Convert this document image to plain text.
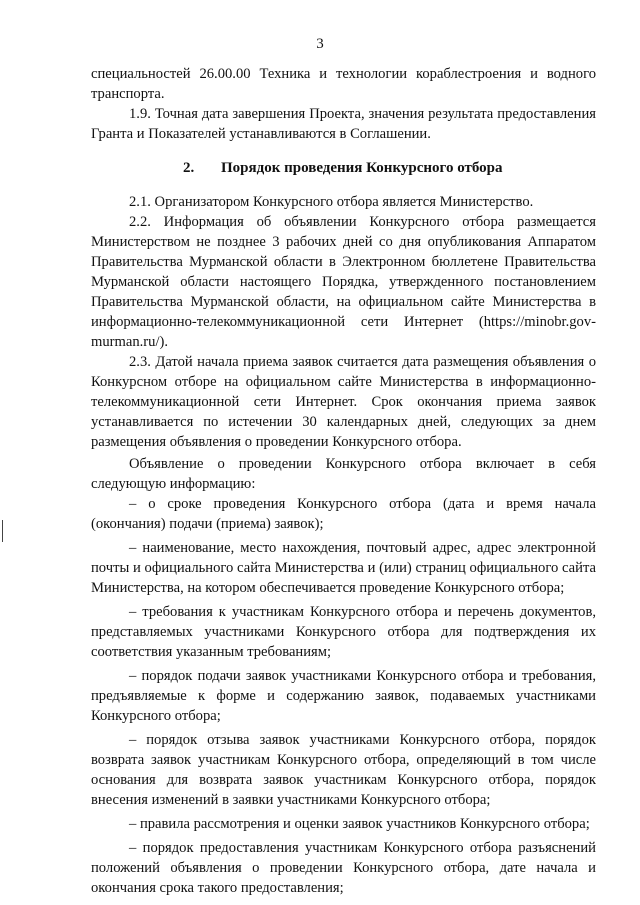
3

специальностей 26.00.00 Техника и технологии кораблестроения и водного транспорта.

1.9. Точная дата завершения Проекта, значения результата предоставления Гранта и Показателей устанавливаются в Соглашении.

2. Порядок проведения Конкурсного отбора

2.1. Организатором Конкурсного отбора является Министерство.

2.2. Информация об объявлении Конкурсного отбора размещается Министерством не позднее 3 рабочих дней со дня опубликования Аппаратом Правительства Мурманской области в Электронном бюллетене Правительства Мурманской области настоящего Порядка, утвержденного постановлением Правительства Мурманской области, на официальном сайте Министерства в информационно-телекоммуникационной сети Интернет (https://minobr.gov-murman.ru/).

2.3. Датой начала приема заявок считается дата размещения объявления о Конкурсном отборе на официальном сайте Министерства в информационно-телекоммуникационной сети Интернет. Срок окончания приема заявок устанавливается по истечении 30 календарных дней, следующих за днем размещения объявления о проведении Конкурсного отбора.

Объявление о проведении Конкурсного отбора включает в себя следующую информацию:

– о сроке проведения Конкурсного отбора (дата и время начала (окончания) подачи (приема) заявок);

– наименование, место нахождения, почтовый адрес, адрес электронной почты и официального сайта Министерства и (или) страниц официального сайта Министерства, на котором обеспечивается проведение Конкурсного отбора;

– требования к участникам Конкурсного отбора и перечень документов, представляемых участниками Конкурсного отбора для подтверждения их соответствия указанным требованиям;

– порядок подачи заявок участниками Конкурсного отбора и требования, предъявляемые к форме и содержанию заявок, подаваемых участниками Конкурсного отбора;

– порядок отзыва заявок участниками Конкурсного отбора, порядок возврата заявок участникам Конкурсного отбора, определяющий в том числе основания для возврата заявок участникам Конкурсного отбора, порядок внесения изменений в заявки участниками Конкурсного отбора;

– правила рассмотрения и оценки заявок участников Конкурсного отбора;

– порядок предоставления участникам Конкурсного отбора разъяснений положений объявления о проведении Конкурсного отбора, дате начала и окончания срока такого предоставления;
